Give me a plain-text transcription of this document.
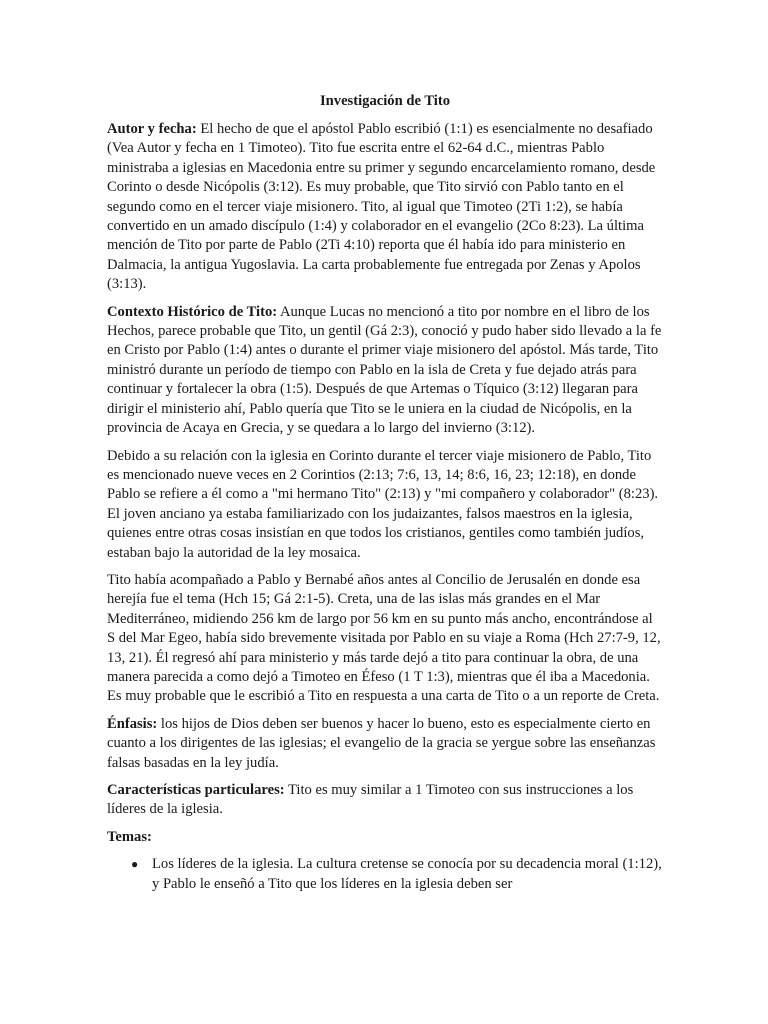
Investigación de Tito

Autor y fecha: El hecho de que el apóstol Pablo escribió (1:1) es esencialmente no desafiado (Vea Autor y fecha en 1 Timoteo). Tito fue escrita entre el 62-64 d.C., mientras Pablo ministraba a iglesias en Macedonia entre su primer y segundo encarcelamiento romano, desde Corinto o desde Nicópolis (3:12). Es muy probable, que Tito sirvió con Pablo tanto en el segundo como en el tercer viaje misionero. Tito, al igual que Timoteo (2Ti 1:2), se había convertido en un amado discípulo (1:4) y colaborador en el evangelio (2Co 8:23). La última mención de Tito por parte de Pablo (2Ti 4:10) reporta que él había ido para ministerio en Dalmacia, la antigua Yugoslavia. La carta probablemente fue entregada por Zenas y Apolos (3:13).

Contexto Histórico de Tito: Aunque Lucas no mencionó a tito por nombre en el libro de los Hechos, parece probable que Tito, un gentil (Gá 2:3), conoció y pudo haber sido llevado a la fe en Cristo por Pablo (1:4) antes o durante el primer viaje misionero del apóstol. Más tarde, Tito ministró durante un período de tiempo con Pablo en la isla de Creta y fue dejado atrás para continuar y fortalecer la obra (1:5). Después de que Artemas o Tíquico (3:12) llegaran para dirigir el ministerio ahí, Pablo quería que Tito se le uniera en la ciudad de Nicópolis, en la provincia de Acaya en Grecia, y se quedara a lo largo del invierno (3:12).

Debido a su relación con la iglesia en Corinto durante el tercer viaje misionero de Pablo, Tito es mencionado nueve veces en 2 Corintios (2:13; 7:6, 13, 14; 8:6, 16, 23; 12:18), en donde Pablo se refiere a él como a "mi hermano Tito" (2:13) y "mi compañero y colaborador" (8:23). El joven anciano ya estaba familiarizado con los judaizantes, falsos maestros en la iglesia, quienes entre otras cosas insistían en que todos los cristianos, gentiles como también judíos, estaban bajo la autoridad de la ley mosaica.

Tito había acompañado a Pablo y Bernabé años antes al Concilio de Jerusalén en donde esa herejía fue el tema (Hch 15; Gá 2:1-5). Creta, una de las islas más grandes en el Mar Mediterráneo, midiendo 256 km de largo por 56 km en su punto más ancho, encontrándose al S del Mar Egeo, había sido brevemente visitada por Pablo en su viaje a Roma (Hch 27:7-9, 12, 13, 21). Él regresó ahí para ministerio y más tarde dejó a tito para continuar la obra, de una manera parecida a como dejó a Timoteo en Éfeso (1 T 1:3), mientras que él iba a Macedonia. Es muy probable que le escribió a Tito en respuesta a una carta de Tito o a un reporte de Creta.

Énfasis: los hijos de Dios deben ser buenos y hacer lo bueno, esto es especialmente cierto en cuanto a los dirigentes de las iglesias; el evangelio de la gracia se yergue sobre las enseñanzas falsas basadas en la ley judía.

Características particulares: Tito es muy similar a 1 Timoteo con sus instrucciones a los líderes de la iglesia.

Temas:
● Los líderes de la iglesia. La cultura cretense se conocía por su decadencia moral (1:12), y Pablo le enseñó a Tito que los líderes en la iglesia deben ser
